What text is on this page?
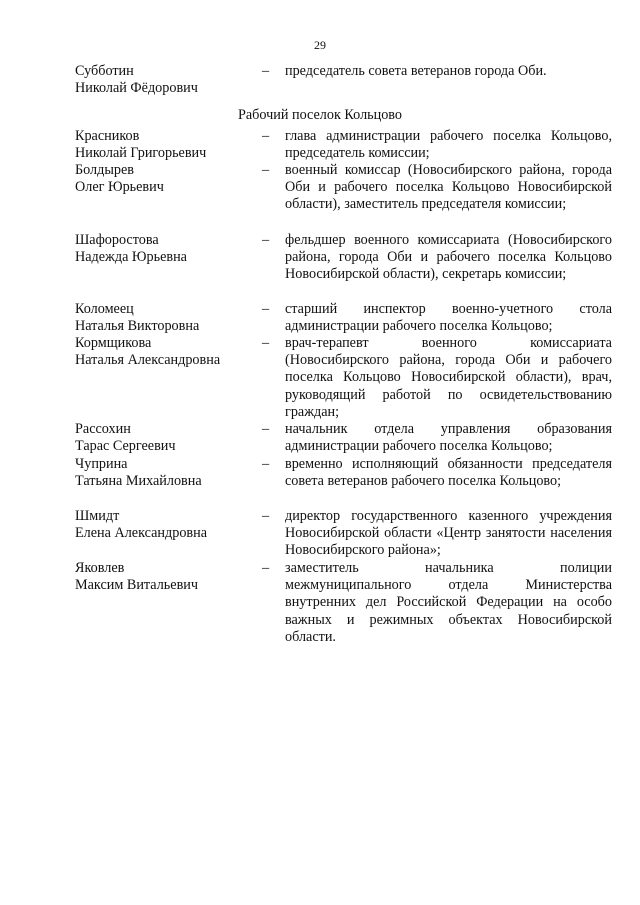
29
Субботин
Николай Фёдорович
– председатель совета ветеранов города Оби.
Рабочий поселок Кольцово
Красников
Николай Григорьевич
– глава администрации рабочего поселка Кольцово, председатель комиссии;
Болдырев
Олег Юрьевич
– военный комиссар (Новосибирского района, города Оби и рабочего поселка Кольцово Новосибирской области), заместитель председателя комиссии;
Шафоростова
Надежда Юрьевна
– фельдшер военного комиссариата (Новосибирского района, города Оби и рабочего поселка Кольцово Новосибирской области), секретарь комиссии;
Коломеец
Наталья Викторовна
– старший инспектор военно-учетного стола администрации рабочего поселка Кольцово;
Кормщикова
Наталья Александровна
– врач-терапевт военного комиссариата (Новосибирского района, города Оби и рабочего поселка Кольцово Новосибирской области), врач, руководящий работой по освидетельствованию граждан;
Рассохин
Тарас Сергеевич
– начальник отдела управления образования администрации рабочего поселка Кольцово;
Чуприна
Татьяна Михайловна
– временно исполняющий обязанности председателя совета ветеранов рабочего поселка Кольцово;
Шмидт
Елена Александровна
– директор государственного казенного учреждения Новосибирской области «Центр занятости населения Новосибирского района»;
Яковлев
Максим Витальевич
– заместитель начальника полиции межмуниципального отдела Министерства внутренних дел Российской Федерации на особо важных и режимных объектах Новосибирской области.
